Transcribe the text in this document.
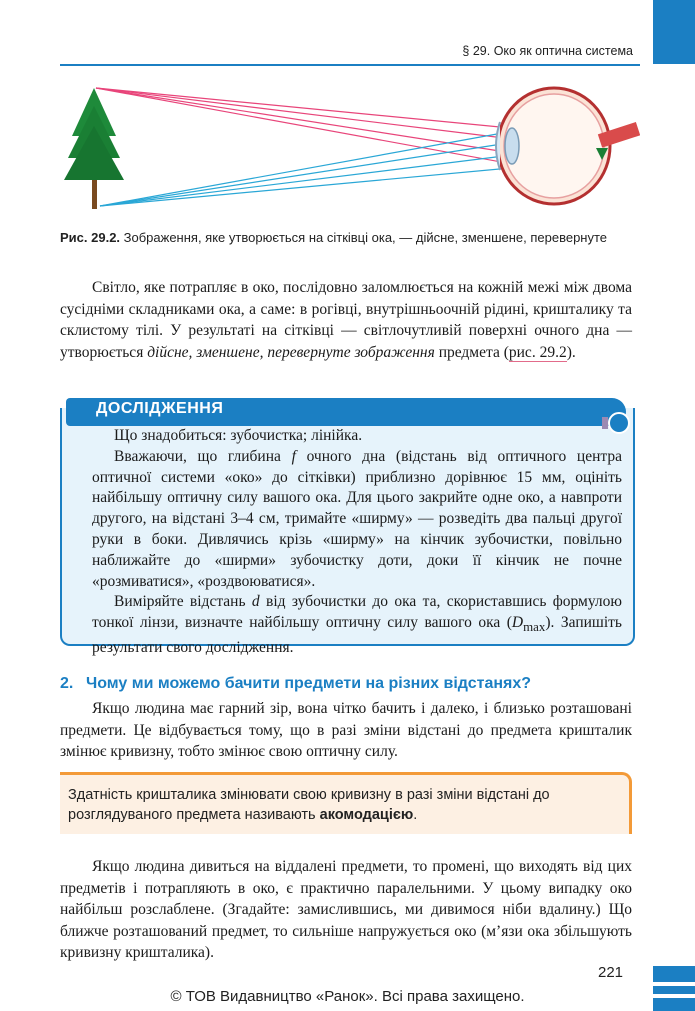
§ 29. Око як оптична система
Рис. 29.2. Зображення, яке утворюється на сітківці ока, — дійсне, зменшене, перевернуте
Світло, яке потрапляє в око, послідовно заломлюється на кожній межі між двома сусідніми складниками ока, а саме: в рогівці, внутрішньоочній рідині, кришталику та склистому тілі. У результаті на сітківці — світлочутливій поверхні очного дна — утворюється дійсне, зменшене, перевернуте зображення предмета (рис. 29.2).
ДОСЛІДЖЕННЯ
Що знадобиться: зубочистка; лінійка.
Вважаючи, що глибина f очного дна (відстань від оптичного центра оптичної системи «око» до сітківки) приблизно дорівнює 15 мм, оцініть найбільшу оптичну силу вашого ока. Для цього закрийте одне око, а навпроти другого, на відстані 3–4 см, тримайте «ширму» — розведіть два пальці другої руки в боки. Дивлячись крізь «ширму» на кінчик зубочистки, повільно наближайте до «ширми» зубочистку доти, доки її кінчик не почне «розмиватися», «роздвоюватися».
Виміряйте відстань d від зубочистки до ока та, скориставшись формулою тонкої лінзи, визначте найбільшу оптичну силу вашого ока $(D_{max})$. Запишіть результати свого дослідження.
2. Чому ми можемо бачити предмети на різних відстанях?
Якщо людина має гарний зір, вона чітко бачить і далеко, і близько розташовані предмети. Це відбувається тому, що в разі зміни відстані до предмета кришталик змінює кривизну, тобто змінює свою оптичну силу.
Здатність кришталика змінювати свою кривизну в разі зміни відстані до розглядуваного предмета називають акомодацією.
Якщо людина дивиться на віддалені предмети, то промені, що виходять від цих предметів і потрапляють в око, є практично паралельними. У цьому випадку око найбільш розслаблене. (Згадайте: замислившись, ми дивимося ніби вдалину.) Що ближче розташований предмет, то сильніше напружується око (м’язи ока збільшують кривизну кришталика).
221
© ТОВ Видавництво «Ранок». Всі права захищено.
